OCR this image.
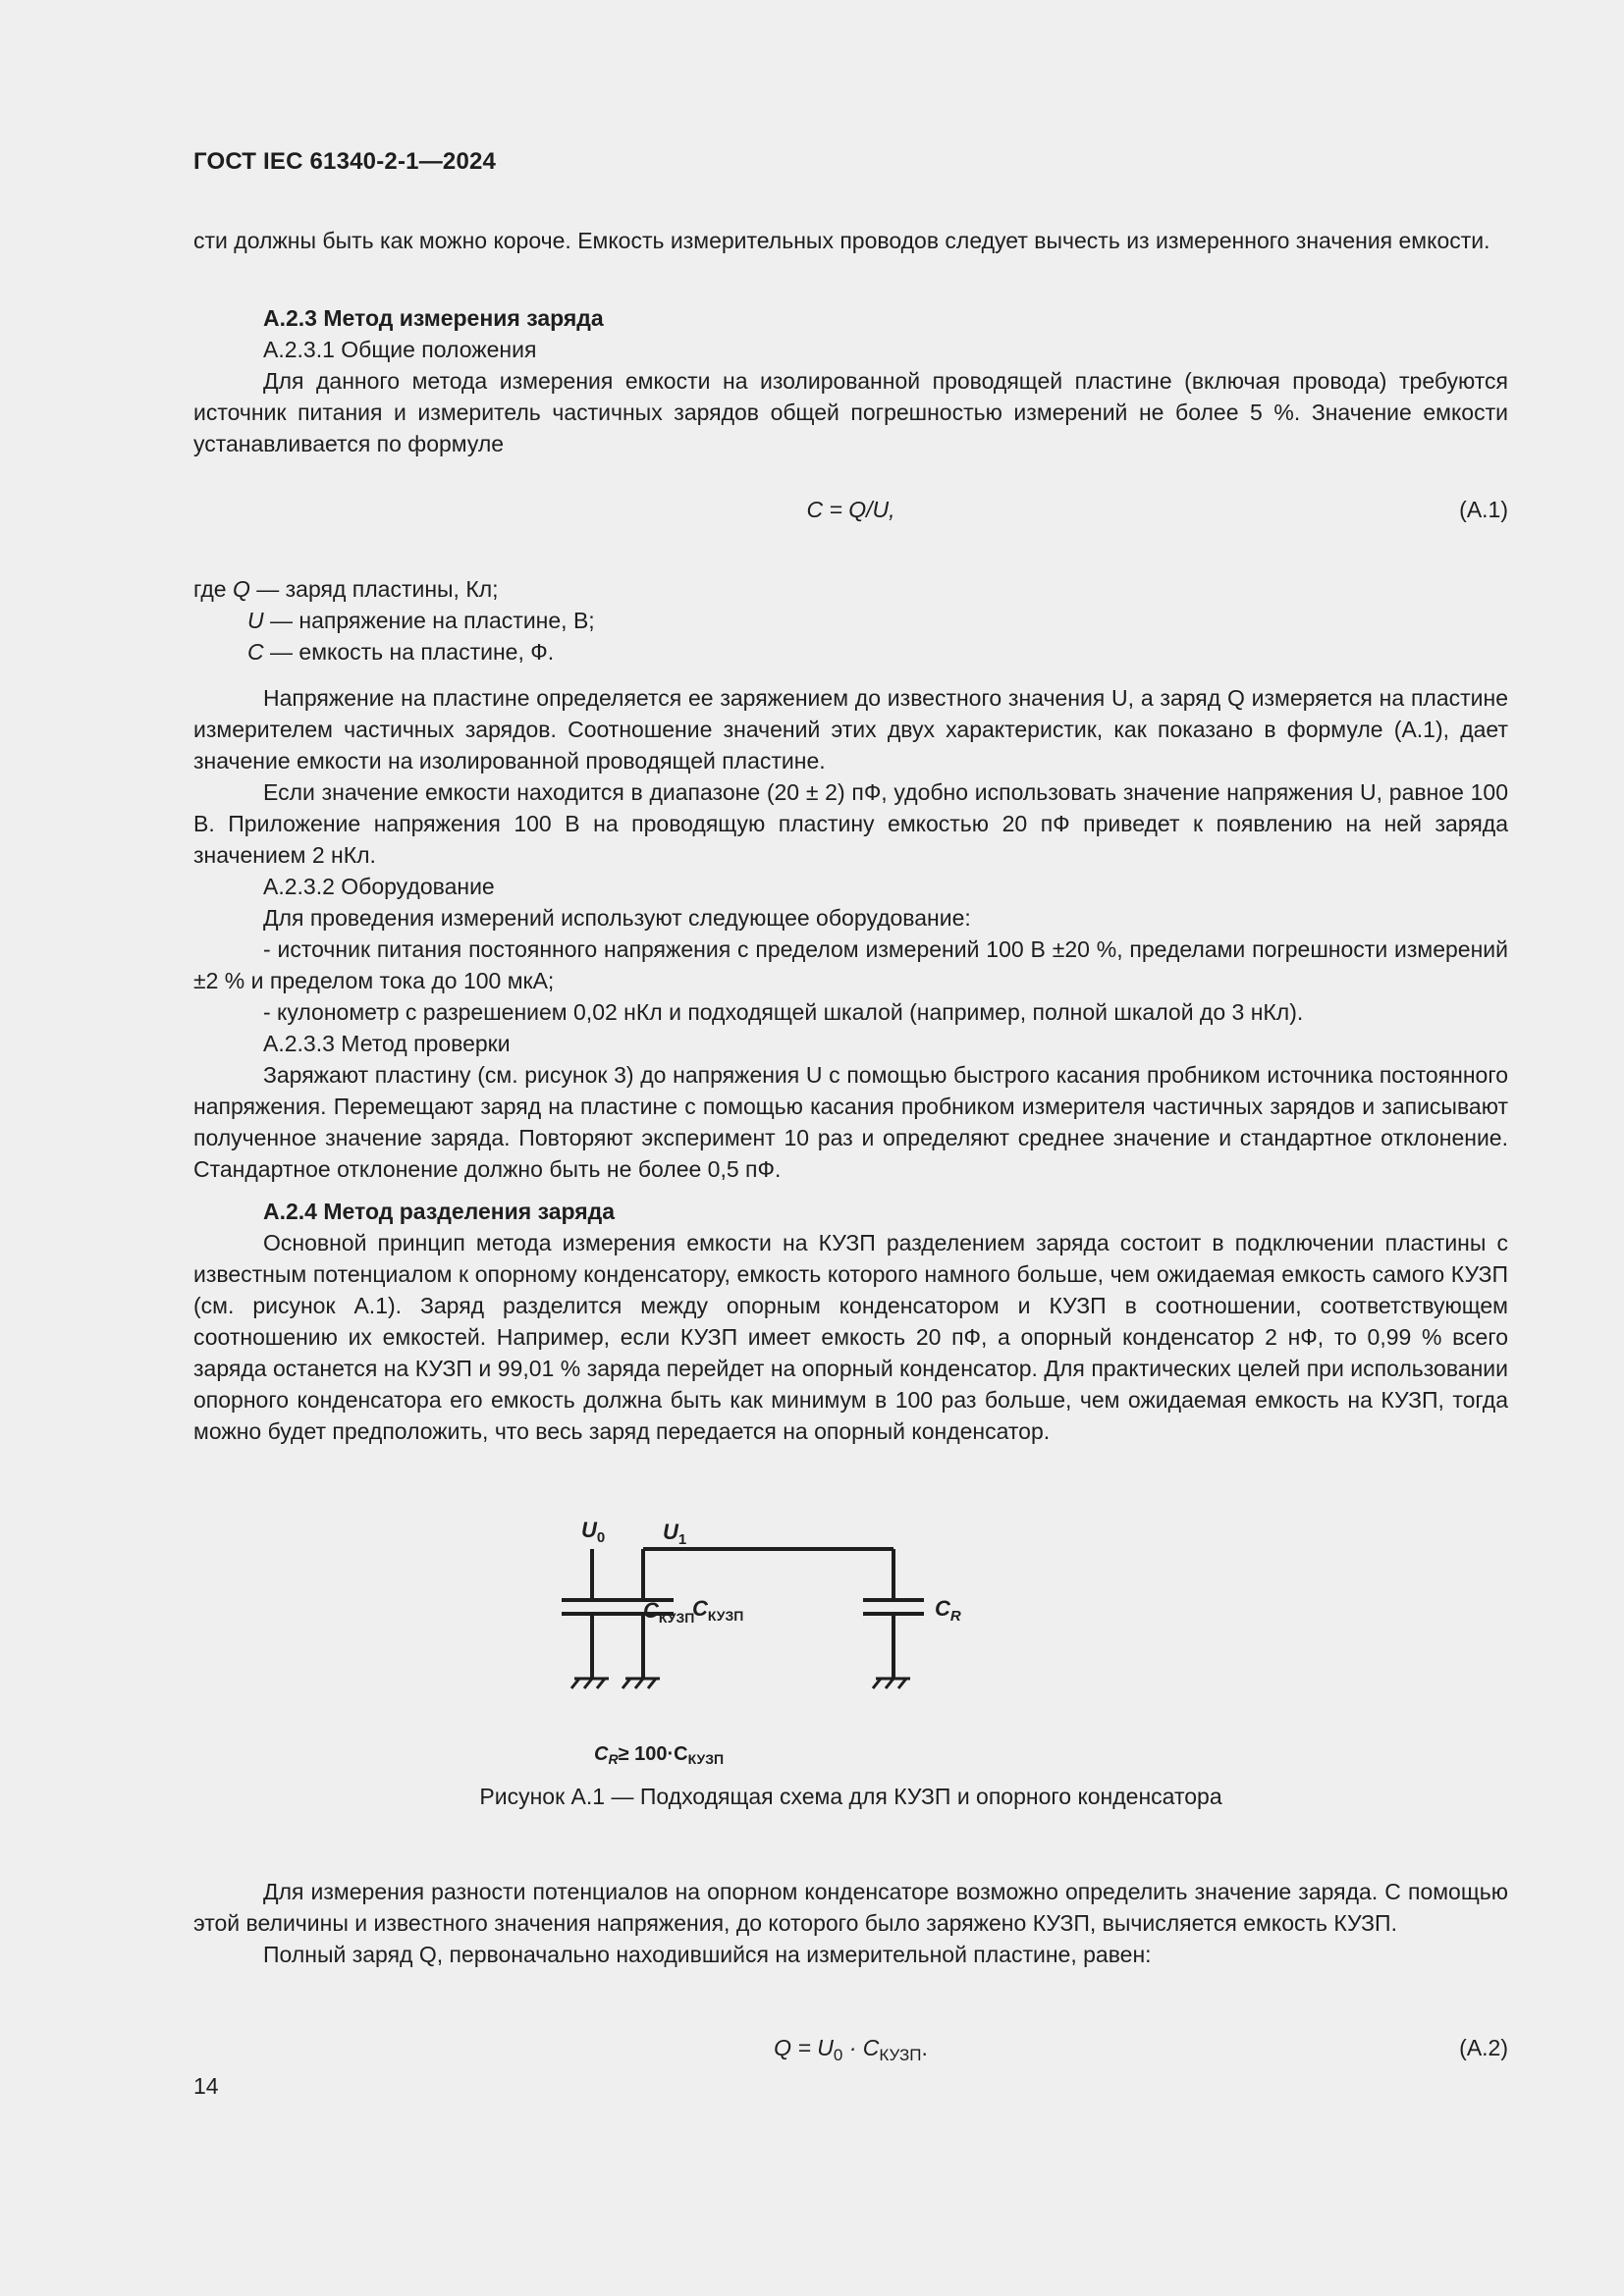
ГОСТ IEC 61340-2-1—2024

сти должны быть как можно короче. Емкость измерительных проводов следует вычесть из измеренного значения емкости.

А.2.3 Метод измерения заряда

А.2.3.1 Общие положения

Для данного метода измерения емкости на изолированной проводящей пластине (включая провода) требуются источник питания и измеритель частичных зарядов общей погрешностью измерений не более 5 %. Значение емкости устанавливается по формуле

C = Q/U,	(А.1)
где Q — заряд пластины, Кл;
U — напряжение на пластине, В;
C — емкость на пластине, Ф.

Напряжение на пластине определяется ее заряжением до известного значения U, а заряд Q измеряется на пластине измерителем частичных зарядов. Соотношение значений этих двух характеристик, как показано в формуле (А.1), дает значение емкости на изолированной проводящей пластине.

Если значение емкости находится в диапазоне (20 ± 2) пФ, удобно использовать значение напряжения U, равное 100 В. Приложение напряжения 100 В на проводящую пластину емкостью 20 пФ приведет к появлению на ней заряда значением 2 нКл.

А.2.3.2 Оборудование

Для проведения измерений используют следующее оборудование:

- источник питания постоянного напряжения с пределом измерений 100 В ±20 %, пределами погрешности измерений ±2 % и пределом тока до 100 мкА;

- кулонометр с разрешением 0,02 нКл и подходящей шкалой (например, полной шкалой до 3 нКл).

А.2.3.3 Метод проверки

Заряжают пластину (см. рисунок 3) до напряжения U с помощью быстрого касания пробником источника постоянного напряжения. Перемещают заряд на пластине с помощью касания пробником измерителя частичных зарядов и записывают полученное значение заряда. Повторяют эксперимент 10 раз и определяют среднее значение и стандартное отклонение. Стандартное отклонение должно быть не более 0,5 пФ.

А.2.4 Метод разделения заряда

Основной принцип метода измерения емкости на КУЗП разделением заряда состоит в подключении пластины с известным потенциалом к опорному конденсатору, емкость которого намного больше, чем ожидаемая емкость самого КУЗП (см. рисунок А.1). Заряд разделится между опорным конденсатором и КУЗП в соотношении, соответствующем соотношению их емкостей. Например, если КУЗП имеет емкость 20 пФ, а опорный конденсатор 2 нФ, то 0,99 % всего заряда останется на КУЗП и 99,01 % заряда перейдет на опорный конденсатор. Для практических целей при использовании опорного конденсатора его емкость должна быть как минимум в 100 раз больше, чем ожидаемая емкость на КУЗП, тогда можно будет предположить, что весь заряд передается на опорный конденсатор.

$U_0$
$C_{КУЗП}$
$U_1$
$C_{КУЗП}$	$C_R$
$C_R\ge 100\cdot C_{КУЗП}$
Рисунок А.1 — Подходящая схема для КУЗП и опорного конденсатора

Для измерения разности потенциалов на опорном конденсаторе возможно определить значение заряда. С помощью этой величины и известного значения напряжения, до которого было заряжено КУЗП, вычисляется емкость КУЗП.

Полный заряд Q, первоначально находившийся на измерительной пластине, равен:

$Q = U_0 \cdot C_{КУЗП}$.	(А.2)
14
